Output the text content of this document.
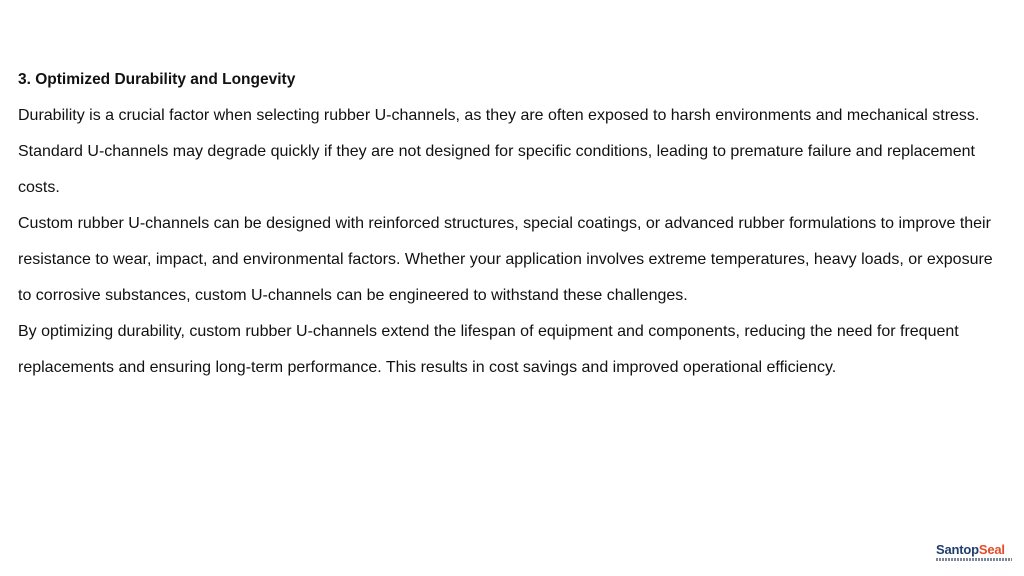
3. Optimized Durability and Longevity

Durability is a crucial factor when selecting rubber U-channels, as they are often exposed to harsh environments and mechanical stress. Standard U-channels may degrade quickly if they are not designed for specific conditions, leading to premature failure and replacement costs.

Custom rubber U-channels can be designed with reinforced structures, special coatings, or advanced rubber formulations to improve their resistance to wear, impact, and environmental factors. Whether your application involves extreme temperatures, heavy loads, or exposure to corrosive substances, custom U-channels can be engineered to withstand these challenges.

By optimizing durability, custom rubber U-channels extend the lifespan of equipment and components, reducing the need for frequent replacements and ensuring long-term performance. This results in cost savings and improved operational efficiency.

SantopSeal
